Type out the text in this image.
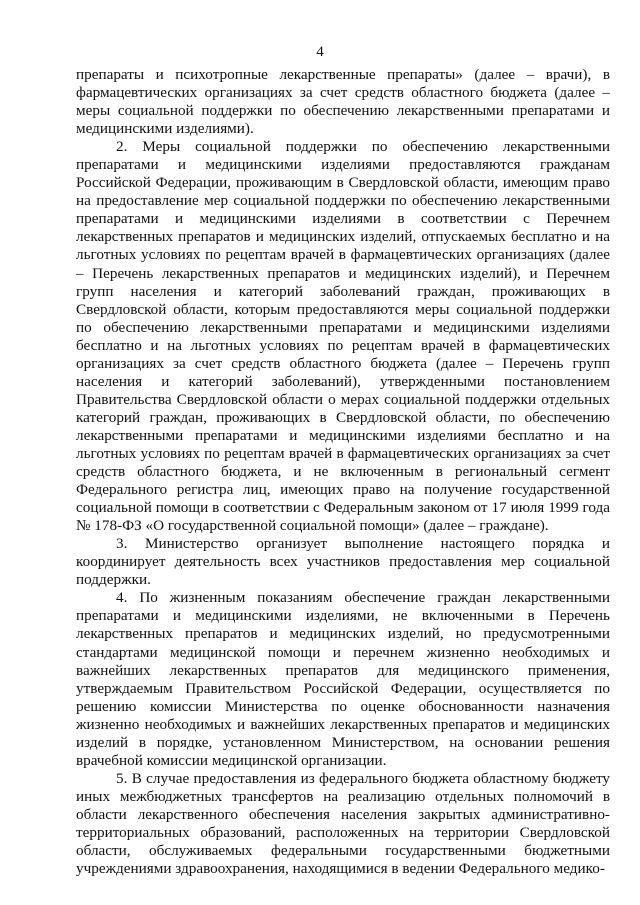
4

препараты и психотропные лекарственные препараты» (далее – врачи), в фармацевтических организациях за счет средств областного бюджета (далее – меры социальной поддержки по обеспечению лекарственными препаратами и медицинскими изделиями).

2. Меры социальной поддержки по обеспечению лекарственными препаратами и медицинскими изделиями предоставляются гражданам Российской Федерации, проживающим в Свердловской области, имеющим право на предоставление мер социальной поддержки по обеспечению лекарственными препаратами и медицинскими изделиями в соответствии с Перечнем лекарственных препаратов и медицинских изделий, отпускаемых бесплатно и на льготных условиях по рецептам врачей в фармацевтических организациях (далее – Перечень лекарственных препаратов и медицинских изделий), и Перечнем групп населения и категорий заболеваний граждан, проживающих в Свердловской области, которым предоставляются меры социальной поддержки по обеспечению лекарственными препаратами и медицинскими изделиями бесплатно и на льготных условиях по рецептам врачей в фармацевтических организациях за счет средств областного бюджета (далее – Перечень групп населения и категорий заболеваний), утвержденными постановлением Правительства Свердловской области о мерах социальной поддержки отдельных категорий граждан, проживающих в Свердловской области, по обеспечению лекарственными препаратами и медицинскими изделиями бесплатно и на льготных условиях по рецептам врачей в фармацевтических организациях за счет средств областного бюджета, и не включенным в региональный сегмент Федерального регистра лиц, имеющих право на получение государственной социальной помощи в соответствии с Федеральным законом от 17 июля 1999 года № 178-ФЗ «О государственной социальной помощи» (далее – граждане).

3. Министерство организует выполнение настоящего порядка и координирует деятельность всех участников предоставления мер социальной поддержки.

4. По жизненным показаниям обеспечение граждан лекарственными препаратами и медицинскими изделиями, не включенными в Перечень лекарственных препаратов и медицинских изделий, но предусмотренными стандартами медицинской помощи и перечнем жизненно необходимых и важнейших лекарственных препаратов для медицинского применения, утверждаемым Правительством Российской Федерации, осуществляется по решению комиссии Министерства по оценке обоснованности назначения жизненно необходимых и важнейших лекарственных препаратов и медицинских изделий в порядке, установленном Министерством, на основании решения врачебной комиссии медицинской организации.

5. В случае предоставления из федерального бюджета областному бюджету иных межбюджетных трансфертов на реализацию отдельных полномочий в области лекарственного обеспечения населения закрытых административно-территориальных образований, расположенных на территории Свердловской области, обслуживаемых федеральными государственными бюджетными учреждениями здравоохранения, находящимися в ведении Федерального медико-
